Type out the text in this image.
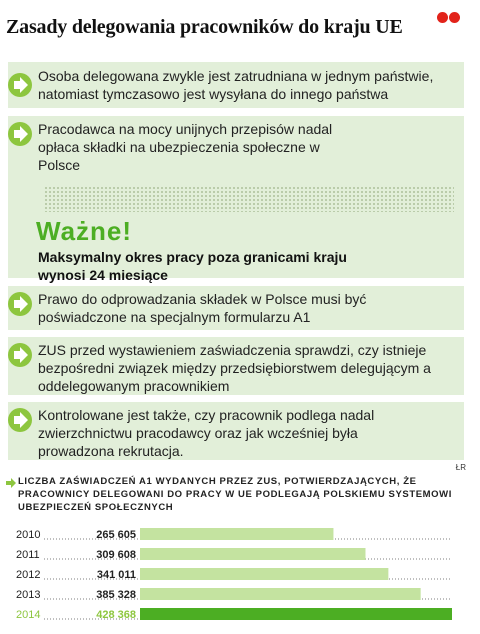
Zasady delegowania pracowników do kraju UE
Osoba delegowana zwykle jest zatrudniana w jednym państwie, natomiast tymczasowo jest wysyłana do innego państwa
Pracodawca na mocy unijnych przepisów nadal opłaca składki na ubezpieczenia społeczne w Polsce
Ważne!
Maksymalny okres pracy poza granicami kraju wynosi 24 miesiące
Prawo do odprowadzania składek w Polsce musi być poświadczone na specjalnym formularzu A1
ZUS przed wystawieniem zaświadczenia sprawdzi, czy istnieje bezpośredni związek między przedsiębiorstwem delegującym a oddelegowanym pracownikiem
Kontrolowane jest także, czy pracownik podlega nadal zwierzchnictwu pracodawcy oraz jak wcześniej była prowadzona rekrutacja.
ŁR
LICZBA ZAŚWIADCZEŃ A1 WYDANYCH PRZEZ ZUS, POTWIERDZAJĄCYCH, ŻE PRACOWNICY DELEGOWANI DO PRACY W UE PODLEGAJĄ POLSKIEMU SYSTEMOWI UBEZPIECZEŃ SPOŁECZNYCH
2010	265 605
2011	309 608
2012	341 011
2013	385 328
2014	428 368
